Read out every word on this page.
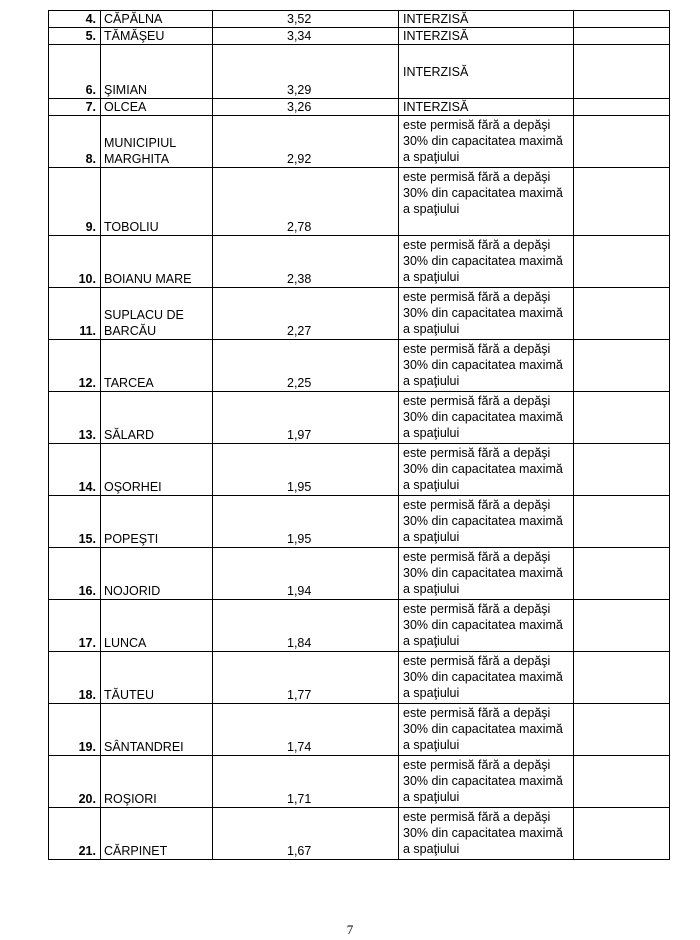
4.	CĂPĂLNA	3,52	INTERZISĂ	
5.	TĂMĂŞEU	3,34	INTERZISĂ	
6.	ŞIMIAN	3,29	INTERZISĂ	
7.	OLCEA	3,26	INTERZISĂ	
8.	MUNICIPIUL
MARGHITA	2,92	este permisă fără a depăşi
30% din capacitatea maximă
a spaţiului	
9.	TOBOLIU	2,78	este permisă fără a depăşi
30% din capacitatea maximă
a spaţiului	
10.	BOIANU MARE	2,38	este permisă fără a depăşi
30% din capacitatea maximă
a spaţiului	
11.	SUPLACU DE
BARCĂU	2,27	este permisă fără a depăşi
30% din capacitatea maximă
a spaţiului	
12.	TARCEA	2,25	este permisă fără a depăşi
30% din capacitatea maximă
a spaţiului	
13.	SĂLARD	1,97	este permisă fără a depăşi
30% din capacitatea maximă
a spaţiului	
14.	OŞORHEI	1,95	este permisă fără a depăşi
30% din capacitatea maximă
a spaţiului	
15.	POPEŞTI	1,95	este permisă fără a depăşi
30% din capacitatea maximă
a spaţiului	
16.	NOJORID	1,94	este permisă fără a depăşi
30% din capacitatea maximă
a spaţiului	
17.	LUNCA	1,84	este permisă fără a depăşi
30% din capacitatea maximă
a spaţiului	
18.	TĂUTEU	1,77	este permisă fără a depăşi
30% din capacitatea maximă
a spaţiului	
19.	SÂNTANDREI	1,74	este permisă fără a depăşi
30% din capacitatea maximă
a spaţiului	
20.	ROŞIORI	1,71	este permisă fără a depăşi
30% din capacitatea maximă
a spaţiului	
21.	CĂRPINET	1,67	este permisă fără a depăşi
30% din capacitatea maximă
a spaţiului	
7
